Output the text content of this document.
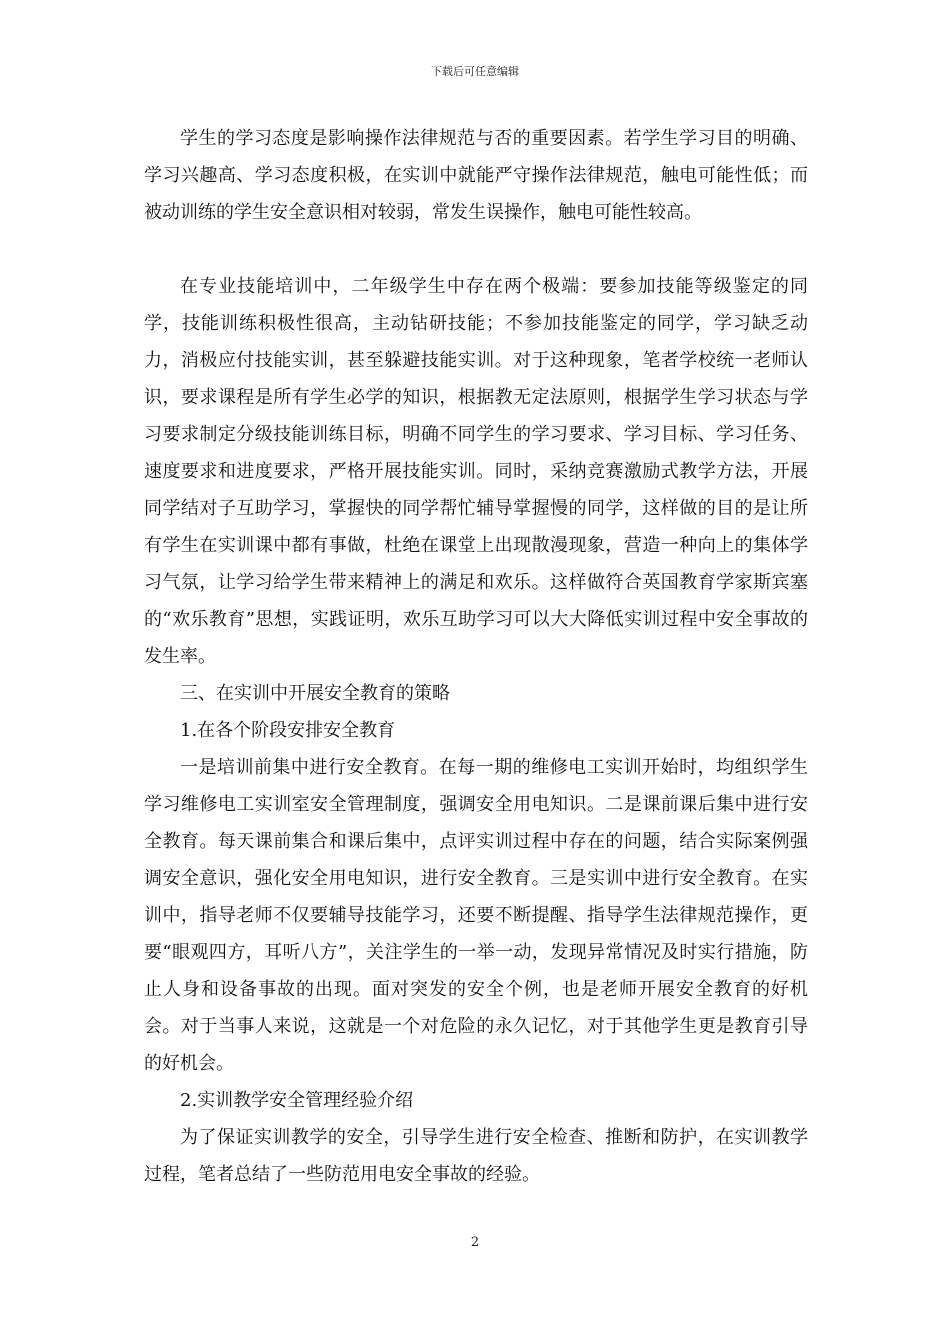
下载后可任意编辑

学生的学习态度是影响操作法律规范与否的重要因素。若学生学习目的明确、学习兴趣高、学习态度积极，在实训中就能严守操作法律规范，触电可能性低；而被动训练的学生安全意识相对较弱，常发生误操作，触电可能性较高。

在专业技能培训中，二年级学生中存在两个极端：要参加技能等级鉴定的同学，技能训练积极性很高，主动钻研技能；不参加技能鉴定的同学，学习缺乏动力，消极应付技能实训，甚至躲避技能实训。对于这种现象，笔者学校统一老师认识，要求课程是所有学生必学的知识，根据教无定法原则，根据学生学习状态与学习要求制定分级技能训练目标，明确不同学生的学习要求、学习目标、学习任务、速度要求和进度要求，严格开展技能实训。同时，采纳竞赛激励式教学方法，开展同学结对子互助学习，掌握快的同学帮忙辅导掌握慢的同学，这样做的目的是让所有学生在实训课中都有事做，杜绝在课堂上出现散漫现象，营造一种向上的集体学习气氛，让学习给学生带来精神上的满足和欢乐。这样做符合英国教育学家斯宾塞的“欢乐教育”思想，实践证明，欢乐互助学习可以大大降低实训过程中安全事故的发生率。

三、在实训中开展安全教育的策略

1.在各个阶段安排安全教育

一是培训前集中进行安全教育。在每一期的维修电工实训开始时，均组织学生学习维修电工实训室安全管理制度，强调安全用电知识。二是课前课后集中进行安全教育。每天课前集合和课后集中，点评实训过程中存在的问题，结合实际案例强调安全意识，强化安全用电知识，进行安全教育。三是实训中进行安全教育。在实训中，指导老师不仅要辅导技能学习，还要不断提醒、指导学生法律规范操作，更要“眼观四方，耳听八方”，关注学生的一举一动，发现异常情况及时实行措施，防止人身和设备事故的出现。面对突发的安全个例，也是老师开展安全教育的好机会。对于当事人来说，这就是一个对危险的永久记忆，对于其他学生更是教育引导的好机会。

2.实训教学安全管理经验介绍

为了保证实训教学的安全，引导学生进行安全检查、推断和防护，在实训教学过程，笔者总结了一些防范用电安全事故的经验。

2
